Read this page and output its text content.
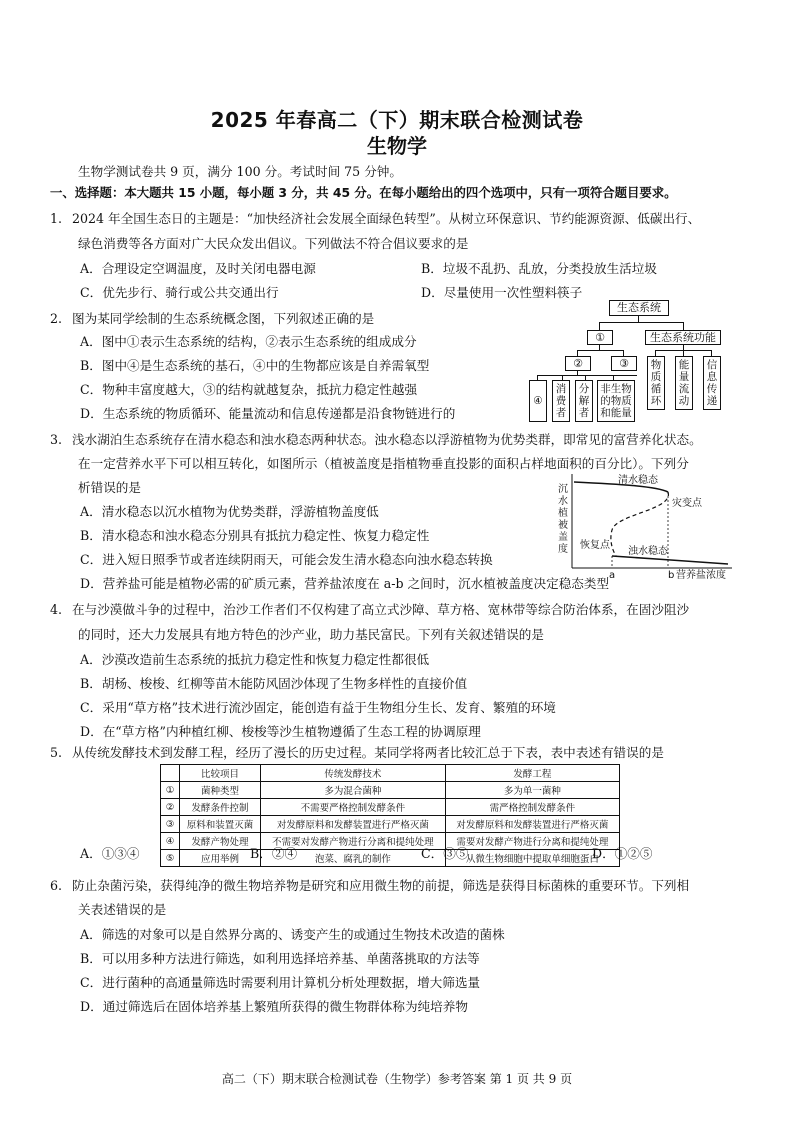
2025 年春高二（下）期末联合检测试卷
生物学
生物学测试卷共 9 页，满分 100 分。考试时间 75 分钟。
一、选择题：本大题共 15 小题，每小题 3 分，共 45 分。在每小题给出的四个选项中，只有一项符合题目要求。
1. 2024 年全国生态日的主题是：“加快经济社会发展全面绿色转型”。从树立环保意识、节约能源资源、低碳出行、
绿色消费等各方面对广大民众发出倡议。下列做法不符合倡议要求的是
A．合理设定空调温度，及时关闭电器电源	B．垃圾不乱扔、乱放，分类投放生活垃圾
C．优先步行、骑行或公共交通出行	D．尽量使用一次性塑料筷子
2. 图为某同学绘制的生态系统概念图，下列叙述正确的是
A．图中①表示生态系统的结构，②表示生态系统的组成成分
B．图中④是生态系统的基石，④中的生物都应该是自养需氧型
C．物种丰富度越大，③的结构就越复杂，抵抗力稳定性越强
D．生态系统的物质循环、能量流动和信息传递都是沿食物链进行的
生态系统
①	生态系统功能
②	③
④
消
费
者
分
解
者
非生物
的物质
和能量
物
质
循
环
能
量
流
动
信
息
传
递
3. 浅水湖泊生态系统存在清水稳态和浊水稳态两种状态。浊水稳态以浮游植物为优势类群，即常见的富营养化状态。
在一定营养水平下可以相互转化，如图所示（植被盖度是指植物垂直投影的面积占样地面积的百分比）。下列分
析错误的是
A．清水稳态以沉水植物为优势类群，浮游植物盖度低
B．清水稳态和浊水稳态分别具有抵抗力稳定性、恢复力稳定性
C．进入短日照季节或者连续阴雨天，可能会发生清水稳态向浊水稳态转换
D．营养盐可能是植物必需的矿质元素，营养盐浓度在 a-b 之间时，沉水植被盖度决定稳态类型
沉
水
植
被
盖
度
清水稳态
灾变点
恢复点
浊水稳态
a	b 营养盐浓度
4. 在与沙漠做斗争的过程中，治沙工作者们不仅构建了高立式沙障、草方格、宽林带等综合防治体系，在固沙阻沙
的同时，还大力发展具有地方特色的沙产业，助力基民富民。下列有关叙述错误的是
A．沙漠改造前生态系统的抵抗力稳定性和恢复力稳定性都很低
B．胡杨、梭梭、红柳等苗木能防风固沙体现了生物多样性的直接价值
C．采用“草方格”技术进行流沙固定，能创造有益于生物组分生长、发育、繁殖的环境
D．在“草方格”内种植红柳、梭梭等沙生植物遵循了生态工程的协调原理
5. 从传统发酵技术到发酵工程，经历了漫长的历史过程。某同学将两者比较汇总于下表，表中表述有错误的是
	比较项目	传统发酵技术	发酵工程
①	菌种类型	多为混合菌种	多为单一菌种
②	发酵条件控制	不需要严格控制发酵条件	需严格控制发酵条件
③	原料和装置灭菌	对发酵原料和发酵装置进行严格灭菌	对发酵原料和发酵装置进行严格灭菌
④	发酵产物处理	不需要对发酵产物进行分离和提纯处理	需要对发酵产物进行分离和提纯处理
⑤	应用举例	泡菜、腐乳的制作	从微生物细胞中提取单细胞蛋白
A．①③④	B．②④	C．③⑤	D．①②⑤
6. 防止杂菌污染，获得纯净的微生物培养物是研究和应用微生物的前提，筛选是获得目标菌株的重要环节。下列相
关表述错误的是
A．筛选的对象可以是自然界分离的、诱变产生的或通过生物技术改造的菌株
B．可以用多种方法进行筛选，如利用选择培养基、单菌落挑取的方法等
C．进行菌种的高通量筛选时需要利用计算机分析处理数据，增大筛选量
D．通过筛选后在固体培养基上繁殖所获得的微生物群体称为纯培养物
高二（下）期末联合检测试卷（生物学）参考答案 第 1 页 共 9 页
